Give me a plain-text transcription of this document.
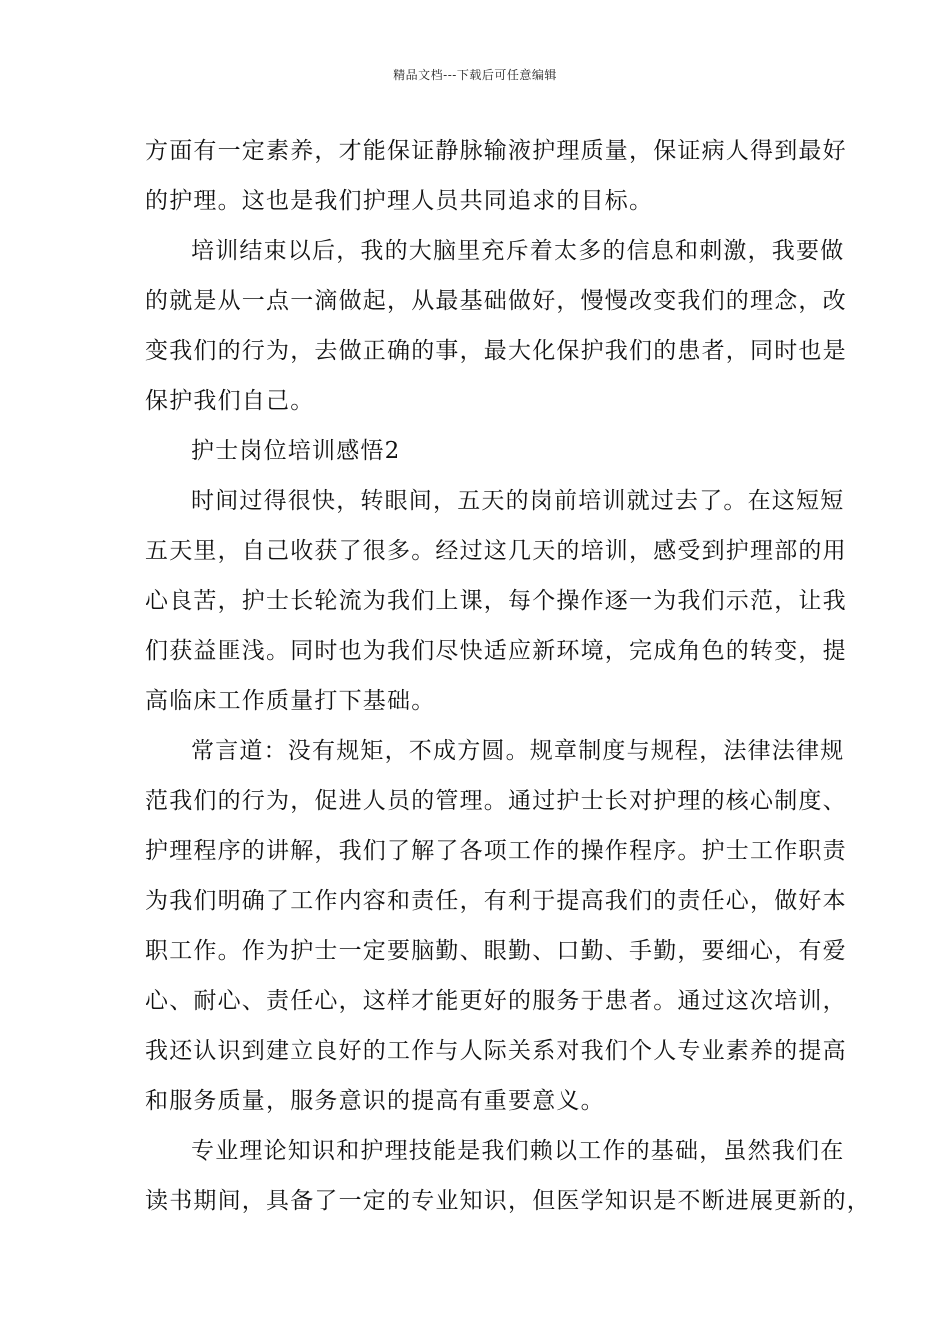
精品文档---下载后可任意编辑
方面有一定素养，才能保证静脉输液护理质量，保证病人得到最好
的护理。这也是我们护理人员共同追求的目标。
培训结束以后，我的大脑里充斥着太多的信息和刺激，我要做
的就是从一点一滴做起，从最基础做好，慢慢改变我们的理念，改
变我们的行为，去做正确的事，最大化保护我们的患者，同时也是
保护我们自己。
护士岗位培训感悟2
时间过得很快，转眼间，五天的岗前培训就过去了。在这短短
五天里，自己收获了很多。经过这几天的培训，感受到护理部的用
心良苦，护士长轮流为我们上课，每个操作逐一为我们示范，让我
们获益匪浅。同时也为我们尽快适应新环境，完成角色的转变，提
高临床工作质量打下基础。
常言道：没有规矩，不成方圆。规章制度与规程，法律法律规
范我们的行为，促进人员的管理。通过护士长对护理的核心制度、
护理程序的讲解，我们了解了各项工作的操作程序。护士工作职责
为我们明确了工作内容和责任，有利于提高我们的责任心，做好本
职工作。作为护士一定要脑勤、眼勤、口勤、手勤，要细心，有爱
心、耐心、责任心，这样才能更好的服务于患者。通过这次培训，
我还认识到建立良好的工作与人际关系对我们个人专业素养的提高
和服务质量，服务意识的提高有重要意义。
专业理论知识和护理技能是我们赖以工作的基础，虽然我们在
读书期间，具备了一定的专业知识，但医学知识是不断进展更新的，
